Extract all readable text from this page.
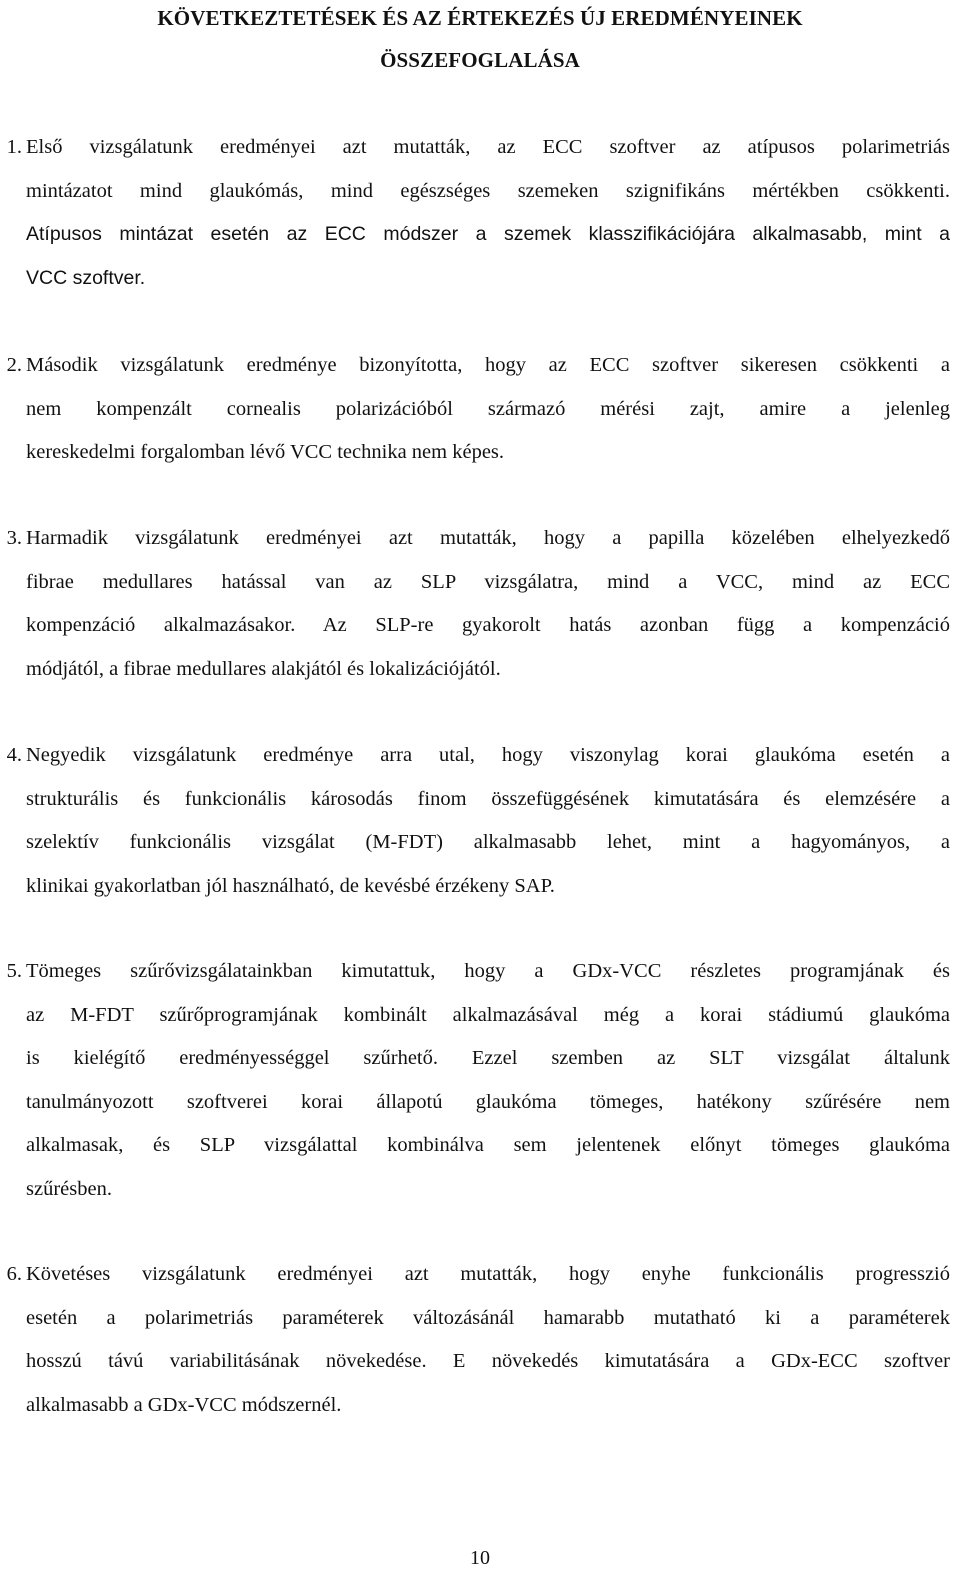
KÖVETKEZTETÉSEK ÉS AZ ÉRTEKEZÉS ÚJ EREDMÉNYEINEK
ÖSSZEFOGLALÁSA
1. Első vizsgálatunk eredményei azt mutatták, az ECC szoftver az atípusos polarimetriás
mintázatot mind glaukómás, mind egészséges szemeken szignifikáns mértékben csökkenti.
Atípusos mintázat esetén az ECC módszer a szemek klasszifikációjára alkalmasabb, mint a
VCC szoftver.
2. Második vizsgálatunk eredménye bizonyította, hogy az ECC szoftver sikeresen csökkenti a
nem kompenzált cornealis polarizációból származó mérési zajt, amire a jelenleg
kereskedelmi forgalomban lévő VCC technika nem képes.
3. Harmadik vizsgálatunk eredményei azt mutatták, hogy a papilla közelében elhelyezkedő
fibrae medullares hatással van az SLP vizsgálatra, mind a VCC, mind az ECC
kompenzáció alkalmazásakor. Az SLP-re gyakorolt hatás azonban függ a kompenzáció
módjától, a fibrae medullares alakjától és lokalizációjától.
4. Negyedik vizsgálatunk eredménye arra utal, hogy viszonylag korai glaukóma esetén a
strukturális és funkcionális károsodás finom összefüggésének kimutatására és elemzésére a
szelektív funkcionális vizsgálat (M-FDT) alkalmasabb lehet, mint a hagyományos, a
klinikai gyakorlatban jól használható, de kevésbé érzékeny SAP.
5. Tömeges szűrővizsgálatainkban kimutattuk, hogy a GDx-VCC részletes programjának és
az M-FDT szűrőprogramjának kombinált alkalmazásával még a korai stádiumú glaukóma
is kielégítő eredményességgel szűrhető. Ezzel szemben az SLT vizsgálat általunk
tanulmányozott szoftverei korai állapotú glaukóma tömeges, hatékony szűrésére nem
alkalmasak, és SLP vizsgálattal kombinálva sem jelentenek előnyt tömeges glaukóma
szűrésben.
6. Követéses vizsgálatunk eredményei azt mutatták, hogy enyhe funkcionális progresszió
esetén a polarimetriás paraméterek változásánál hamarabb mutatható ki a paraméterek
hosszú távú variabilitásának növekedése. E növekedés kimutatására a GDx-ECC szoftver
alkalmasabb a GDx-VCC módszernél.
10
